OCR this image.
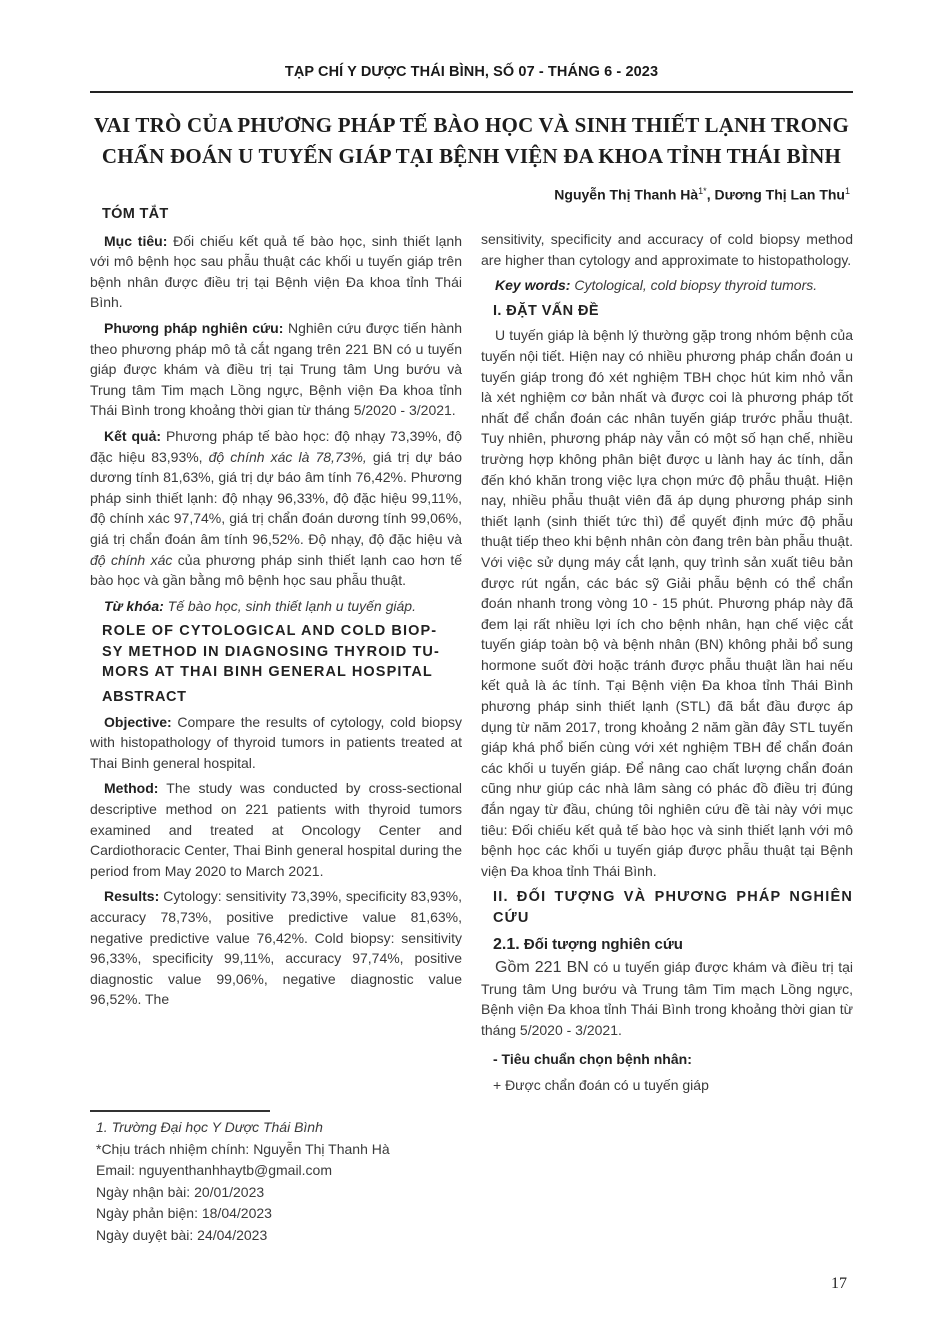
TẠP CHÍ Y DƯỢC THÁI BÌNH, SỐ 07 - THÁNG 6 - 2023
VAI TRÒ CỦA PHƯƠNG PHÁP TẾ BÀO HỌC VÀ SINH THIẾT LẠNH TRONG
CHẨN ĐOÁN U TUYẾN GIÁP TẠI BỆNH VIỆN ĐA KHOA TỈNH THÁI BÌNH
Nguyễn Thị Thanh $Hà^{1*}$, Dương Thị Lan Thu$^1$
TÓM TẮT

Mục tiêu: Đối chiếu kết quả tế bào học, sinh thiết lạnh với mô bệnh học sau phẫu thuật các khối u tuyến giáp trên bệnh nhân được điều trị tại Bệnh viện Đa khoa tỉnh Thái Bình.

Phương pháp nghiên cứu: Nghiên cứu được tiến hành theo phương pháp mô tả cắt ngang trên 221 BN có u tuyến giáp được khám và điều trị tại Trung tâm Ung bướu và Trung tâm Tim mạch Lồng ngực, Bệnh viện Đa khoa tỉnh Thái Bình trong khoảng thời gian từ tháng 5/2020 - 3/2021.

Kết quả: Phương pháp tế bào học: độ nhạy 73,39%, độ đặc hiệu 83,93%, độ chính xác là 78,73%, giá trị dự báo dương tính 81,63%, giá trị dự báo âm tính 76,42%. Phương pháp sinh thiết lạnh: độ nhạy 96,33%, độ đặc hiệu 99,11%, độ chính xác 97,74%, giá trị chẩn đoán dương tính 99,06%, giá trị chẩn đoán âm tính 96,52%. Độ nhạy, độ đặc hiệu và độ chính xác của phương pháp sinh thiết lạnh cao hơn tế bào học và gần bằng mô bệnh học sau phẫu thuật.

Từ khóa: Tế bào học, sinh thiết lạnh u tuyến giáp.

ROLE OF CYTOLOGICAL AND COLD BIOP-
SY METHOD IN DIAGNOSING THYROID TU-
MORS AT THAI BINH GENERAL HOSPITAL
ABSTRACT

Objective: Compare the results of cytology, cold biopsy with histopathology of thyroid tumors in patients treated at Thai Binh general hospital.

Method: The study was conducted by cross-sectional descriptive method on 221 patients with thyroid tumors examined and treated at Oncology Center and Cardiothoracic Center, Thai Binh general hospital during the period from May 2020 to March 2021.

Results: Cytology: sensitivity 73,39%, specificity 83,93%, accuracy 78,73%, positive predictive value 81,63%, negative predictive value 76,42%. Cold biopsy: sensitivity 96,33%, specificity 99,11%, accuracy 97,74%, positive diagnostic value 99,06%, negative diagnostic value 96,52%. The

sensitivity, specificity and accuracy of cold biopsy method are higher than cytology and approximate to histopathology.

Key words: Cytological, cold biopsy thyroid tumors.

I. ĐẶT VẤN ĐỀ

U tuyến giáp là bệnh lý thường gặp trong nhóm bệnh của tuyến nội tiết. Hiện nay có nhiều phương pháp chẩn đoán u tuyến giáp trong đó xét nghiệm TBH chọc hút kim nhỏ vẫn là xét nghiệm cơ bản nhất và được coi là phương pháp tốt nhất để chẩn đoán các nhân tuyến giáp trước phẫu thuật. Tuy nhiên, phương pháp này vẫn có một số hạn chế, nhiều trường hợp không phân biệt được u lành hay ác tính, dẫn đến khó khăn trong việc lựa chọn mức độ phẫu thuật. Hiện nay, nhiều phẫu thuật viên đã áp dụng phương pháp sinh thiết lạnh (sinh thiết tức thì) để quyết định mức độ phẫu thuật tiếp theo khi bệnh nhân còn đang trên bàn phẫu thuật. Với việc sử dụng máy cắt lạnh, quy trình sản xuất tiêu bản được rút ngắn, các bác sỹ Giải phẫu bệnh có thể chẩn đoán nhanh trong vòng 10 - 15 phút. Phương pháp này đã đem lại rất nhiều lợi ích cho bệnh nhân, hạn chế việc cắt tuyến giáp toàn bộ và bệnh nhân (BN) không phải bổ sung hormone suốt đời hoặc tránh được phẫu thuật lần hai nếu kết quả là ác tính. Tại Bệnh viện Đa khoa tỉnh Thái Bình phương pháp sinh thiết lạnh (STL) đã bắt đầu được áp dụng từ năm 2017, trong khoảng 2 năm gần đây STL tuyến giáp khá phổ biến cùng với xét nghiệm TBH để chẩn đoán các khối u tuyến giáp. Để nâng cao chất lượng chẩn đoán cũng như giúp các nhà lâm sàng có phác đồ điều trị đúng đắn ngay từ đầu, chúng tôi nghiên cứu đề tài này với mục tiêu: Đối chiếu kết quả tế bào học và sinh thiết lạnh với mô bệnh học các khối u tuyến giáp được phẫu thuật tại Bệnh viện Đa khoa tỉnh Thái Bình.

II. ĐỐI TƯỢNG VÀ PHƯƠNG PHÁP NGHIÊN CỨU
2.1. Đối tượng nghiên cứu

Gồm 221 BN có u tuyến giáp được khám và điều trị tại Trung tâm Ung bướu và Trung tâm Tim mạch Lồng ngực, Bệnh viện Đa khoa tỉnh Thái Bình trong khoảng thời gian từ tháng 5/2020 - 3/2021.

- Tiêu chuẩn chọn bệnh nhân:
+ Được chẩn đoán có u tuyến giáp
1. Trường Đại học Y Dược Thái Bình
*Chịu trách nhiệm chính: Nguyễn Thị Thanh Hà
Email: nguyenthanhhaytb@gmail.com
Ngày nhận bài: 20/01/2023
Ngày phản biện: 18/04/2023
Ngày duyệt bài: 24/04/2023
17
